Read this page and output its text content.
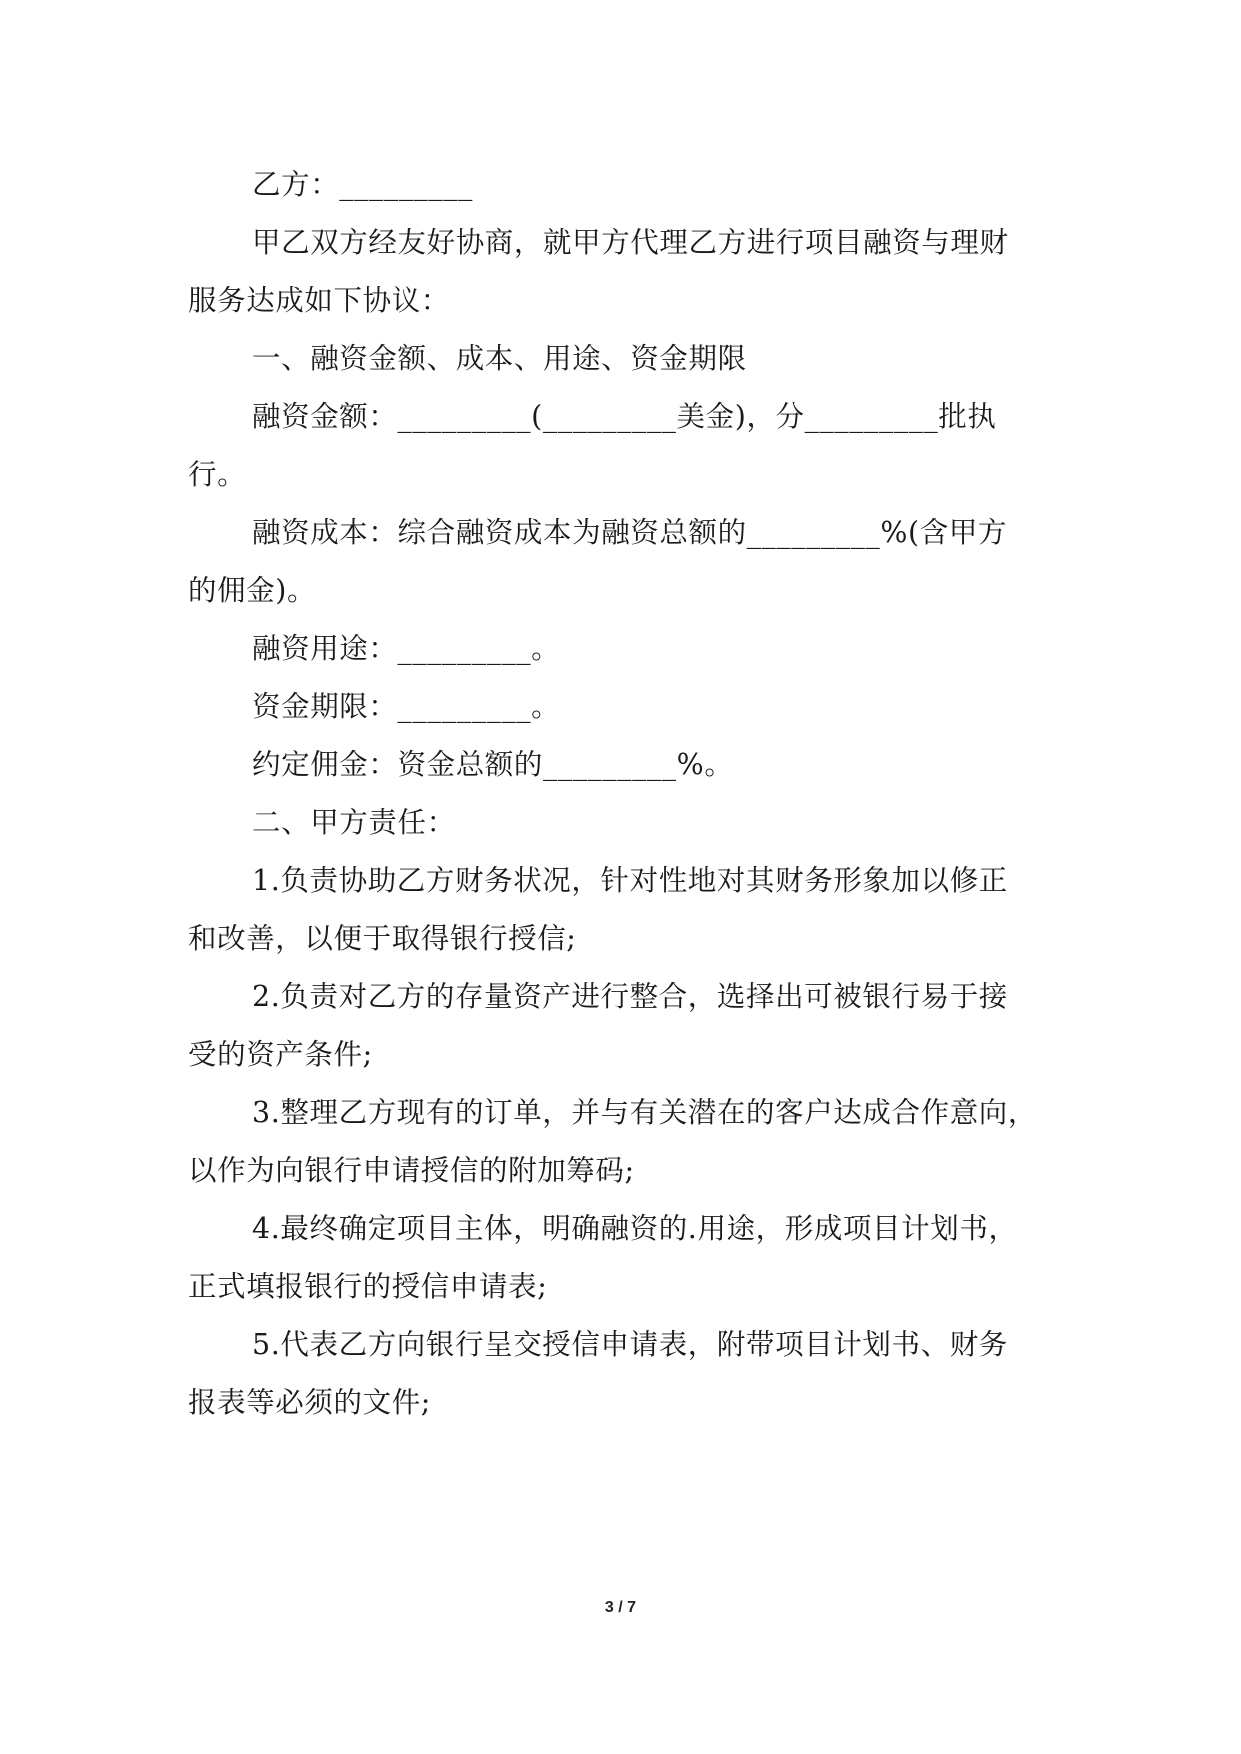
乙方：_________
甲乙双方经友好协商，就甲方代理乙方进行项目融资与理财
服务达成如下协议：
一、融资金额、成本、用途、资金期限
融资金额：_________(_________美金)，分_________批执
行。
融资成本：综合融资成本为融资总额的_________%(含甲方
的佣金)。
融资用途：_________。
资金期限：_________。
约定佣金：资金总额的_________%。
二、甲方责任：
1.负责协助乙方财务状况，针对性地对其财务形象加以修正
和改善，以便于取得银行授信;
2.负责对乙方的存量资产进行整合，选择出可被银行易于接
受的资产条件;
3.整理乙方现有的订单，并与有关潜在的客户达成合作意向，
以作为向银行申请授信的附加筹码;
4.最终确定项目主体，明确融资的.用途，形成项目计划书，
正式填报银行的授信申请表;
5.代表乙方向银行呈交授信申请表，附带项目计划书、财务
报表等必须的文件;
3 / 7
